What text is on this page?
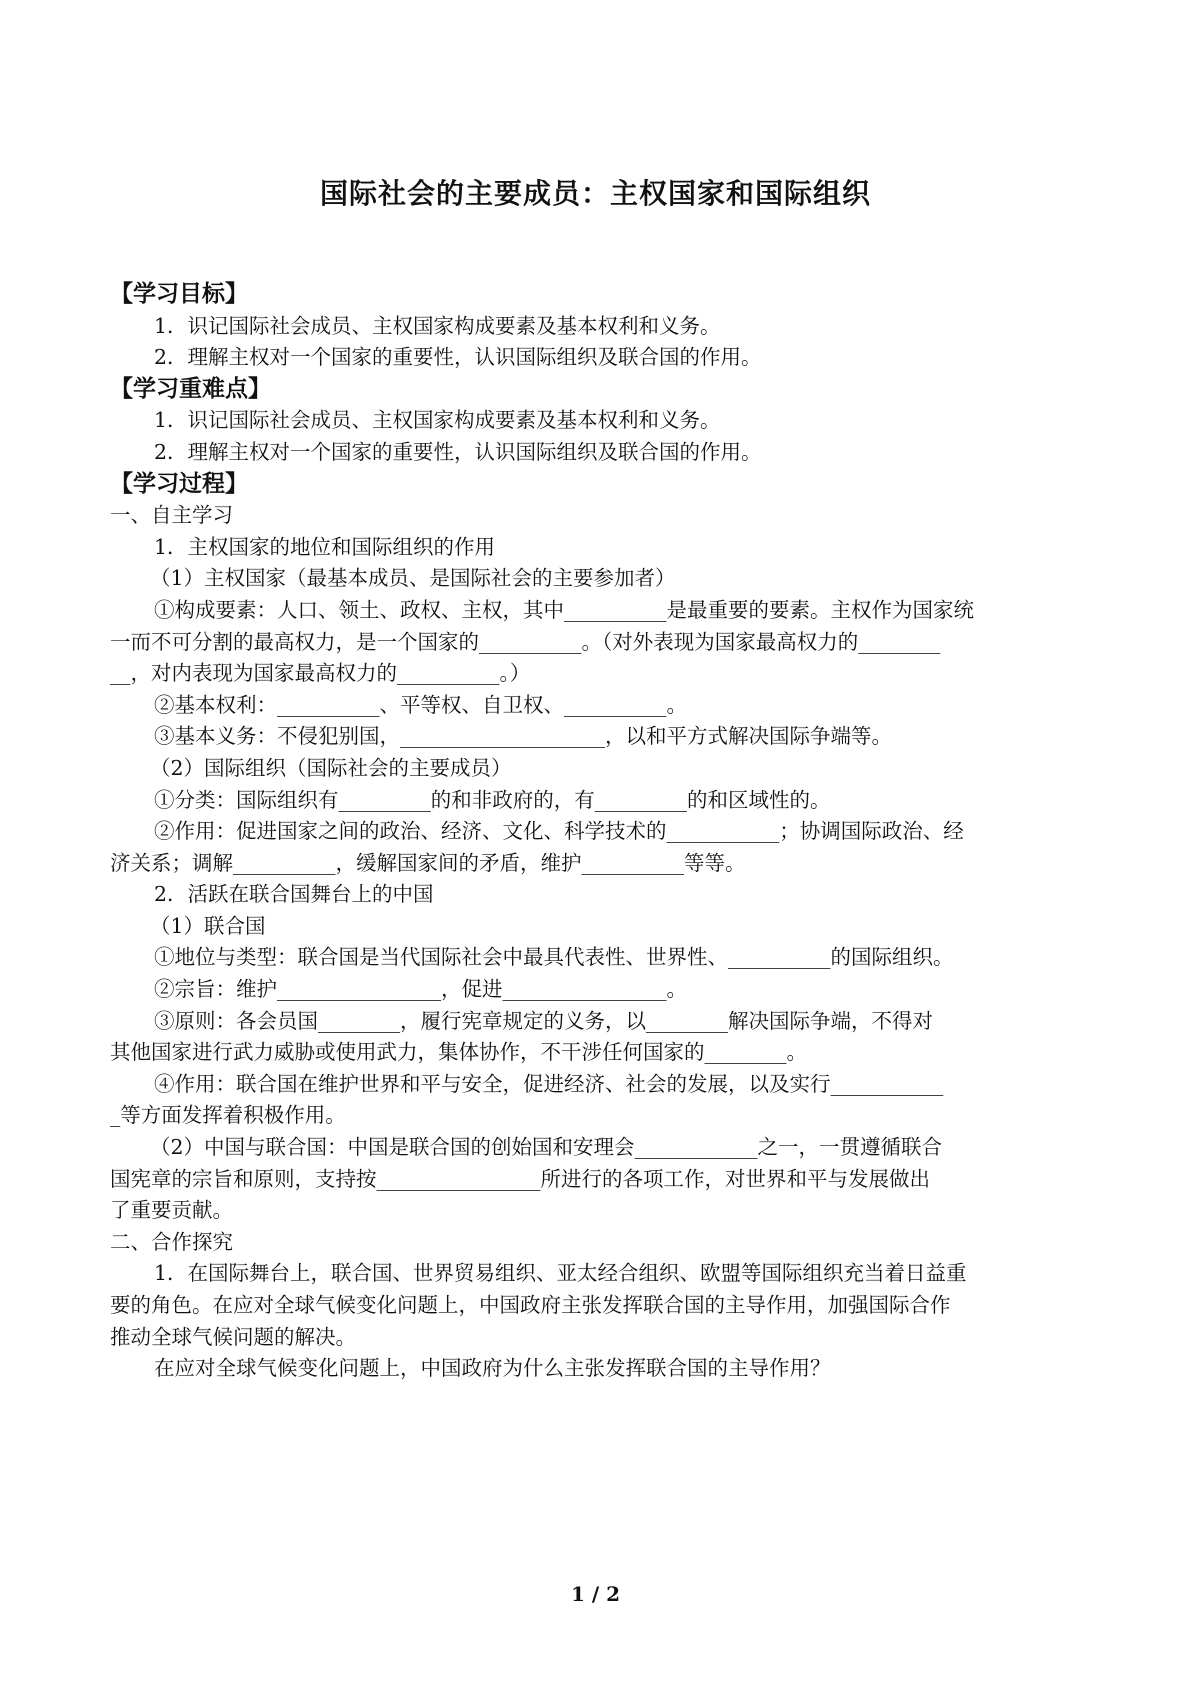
国际社会的主要成员：主权国家和国际组织
【学习目标】
1．识记国际社会成员、主权国家构成要素及基本权利和义务。
2．理解主权对一个国家的重要性，认识国际组织及联合国的作用。
【学习重难点】
1．识记国际社会成员、主权国家构成要素及基本权利和义务。
2．理解主权对一个国家的重要性，认识国际组织及联合国的作用。
【学习过程】
一、自主学习
1．主权国家的地位和国际组织的作用
（1）主权国家（最基本成员、是国际社会的主要参加者）
①构成要素：人口、领土、政权、主权，其中__________是最重要的要素。主权作为国家统
一而不可分割的最高权力，是一个国家的__________。（对外表现为国家最高权力的________
__，对内表现为国家最高权力的__________。）
②基本权利：__________、平等权、自卫权、__________。
③基本义务：不侵犯别国，____________________，以和平方式解决国际争端等。
（2）国际组织（国际社会的主要成员）
①分类：国际组织有_________的和非政府的，有_________的和区域性的。
②作用：促进国家之间的政治、经济、文化、科学技术的___________；协调国际政治、经
济关系；调解__________，缓解国家间的矛盾，维护__________等等。
2．活跃在联合国舞台上的中国
（1）联合国
①地位与类型：联合国是当代国际社会中最具代表性、世界性、__________的国际组织。
②宗旨：维护________________，促进________________。
③原则：各会员国________，履行宪章规定的义务，以________解决国际争端，不得对
其他国家进行武力威胁或使用武力，集体协作，不干涉任何国家的________。
④作用：联合国在维护世界和平与安全，促进经济、社会的发展，以及实行___________
_等方面发挥着积极作用。
（2）中国与联合国：中国是联合国的创始国和安理会____________之一，一贯遵循联合
国宪章的宗旨和原则，支持按________________所进行的各项工作，对世界和平与发展做出
了重要贡献。
二、合作探究
1．在国际舞台上，联合国、世界贸易组织、亚太经合组织、欧盟等国际组织充当着日益重
要的角色。在应对全球气候变化问题上，中国政府主张发挥联合国的主导作用，加强国际合作
推动全球气候问题的解决。
在应对全球气候变化问题上，中国政府为什么主张发挥联合国的主导作用？
1 / 2
